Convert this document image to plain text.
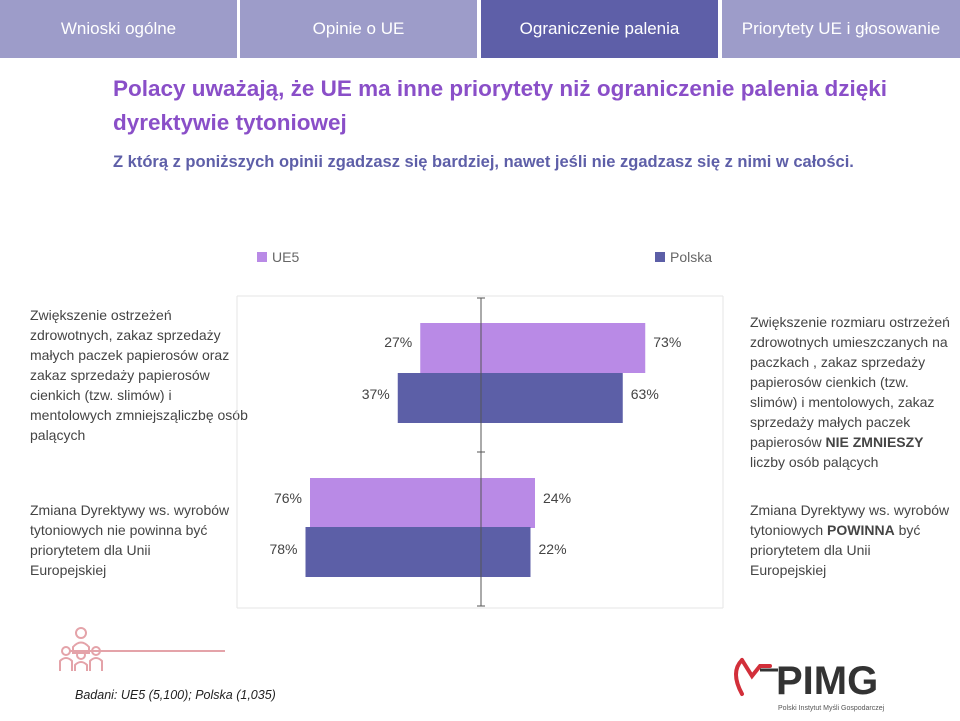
Wnioski ogólne	Opinie o UE	Ograniczenie palenia	Priorytety UE i głosowanie
Polacy uważają, że UE ma inne priorytety niż ograniczenie palenia dzięki dyrektywie tytoniowej
Z którą z poniższych opinii zgadzasz się bardziej, nawet jeśli nie zgadzasz się z nimi w całości.
UE5	Polska
Zwiększenie ostrzeżeń zdrowotnych, zakaz sprzedaży małych paczek papierosów oraz zakaz sprzedaży papierosów cienkich (tzw. slimów) i mentolowych zmniejsząliczbę osób palących
Zmiana Dyrektywy ws. wyrobów tytoniowych nie powinna być priorytetem dla Unii Europejskiej
Zwiększenie rozmiaru ostrzeżeń zdrowotnych umieszczanych na paczkach , zakaz sprzedaży papierosów cienkich (tzw. slimów) i mentolowych, zakaz sprzedaży małych paczek papierosów NIE ZMNIESZY liczby osób palących
Zmiana Dyrektywy ws. wyrobów tytoniowych POWINNA być priorytetem dla Unii Europejskiej
27%	73%
37%	63%
76%	24%
78%	22%
Badani: UE5 (5,100); Polska (1,035)	PIMG
Polski Instytut Myśli Gospodarczej
